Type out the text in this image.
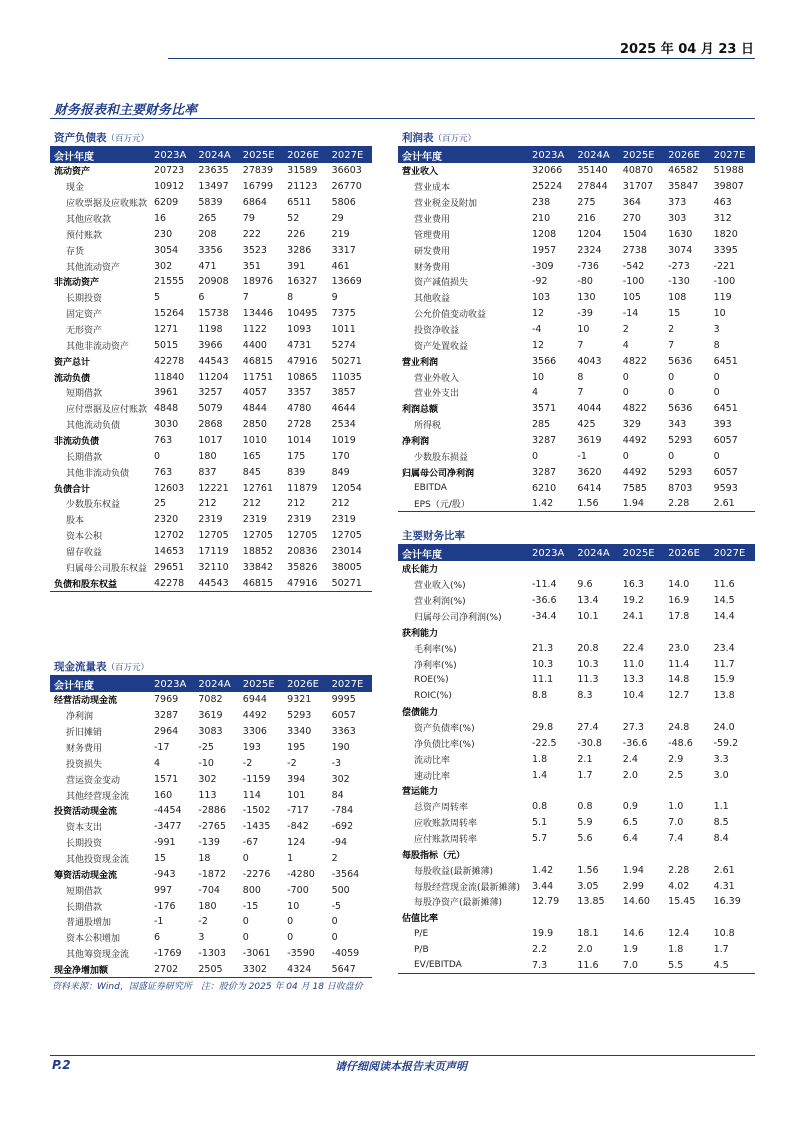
2025 年 04 月 23 日
财务报表和主要财务比率
资产负债表（百万元）
会计年度	2023A	2024A	2025E	2026E	2027E
流动资产	20723	23635	27839	31589	36603
现金	10912	13497	16799	21123	26770
应收票据及应收账款	6209	5839	6864	6511	5806
其他应收款	16	265	79	52	29
预付账款	230	208	222	226	219
存货	3054	3356	3523	3286	3317
其他流动资产	302	471	351	391	461
非流动资产	21555	20908	18976	16327	13669
长期投资	5	6	7	8	9
固定资产	15264	15738	13446	10495	7375
无形资产	1271	1198	1122	1093	1011
其他非流动资产	5015	3966	4400	4731	5274
资产总计	42278	44543	46815	47916	50271
流动负债	11840	11204	11751	10865	11035
短期借款	3961	3257	4057	3357	3857
应付票据及应付账款	4848	5079	4844	4780	4644
其他流动负债	3030	2868	2850	2728	2534
非流动负债	763	1017	1010	1014	1019
长期借款	0	180	165	175	170
其他非流动负债	763	837	845	839	849
负债合计	12603	12221	12761	11879	12054
少数股东权益	25	212	212	212	212
股本	2320	2319	2319	2319	2319
资本公积	12702	12705	12705	12705	12705
留存收益	14653	17119	18852	20836	23014
归属母公司股东权益	29651	32110	33842	35826	38005
负债和股东权益	42278	44543	46815	47916	50271
利润表（百万元）
会计年度	2023A	2024A	2025E	2026E	2027E
营业收入	32066	35140	40870	46582	51988
营业成本	25224	27844	31707	35847	39807
营业税金及附加	238	275	364	373	463
营业费用	210	216	270	303	312
管理费用	1208	1204	1504	1630	1820
研发费用	1957	2324	2738	3074	3395
财务费用	-309	-736	-542	-273	-221
资产减值损失	-92	-80	-100	-130	-100
其他收益	103	130	105	108	119
公允价值变动收益	12	-39	-14	15	10
投资净收益	-4	10	2	2	3
资产处置收益	12	7	4	7	8
营业利润	3566	4043	4822	5636	6451
营业外收入	10	8	0	0	0
营业外支出	4	7	0	0	0
利润总额	3571	4044	4822	5636	6451
所得税	285	425	329	343	393
净利润	3287	3619	4492	5293	6057
少数股东损益	0	-1	0	0	0
归属母公司净利润	3287	3620	4492	5293	6057
EBITDA	6210	6414	7585	8703	9593
EPS（元/股）	1.42	1.56	1.94	2.28	2.61
主要财务比率
会计年度	2023A	2024A	2025E	2026E	2027E
成长能力					
营业收入(%)	-11.4	9.6	16.3	14.0	11.6
营业利润(%)	-36.6	13.4	19.2	16.9	14.5
归属母公司净利润(%)	-34.4	10.1	24.1	17.8	14.4
获利能力					
毛利率(%)	21.3	20.8	22.4	23.0	23.4
净利率(%)	10.3	10.3	11.0	11.4	11.7
ROE(%)	11.1	11.3	13.3	14.8	15.9
ROIC(%)	8.8	8.3	10.4	12.7	13.8
偿债能力					
资产负债率(%)	29.8	27.4	27.3	24.8	24.0
净负债比率(%)	-22.5	-30.8	-36.6	-48.6	-59.2
流动比率	1.8	2.1	2.4	2.9	3.3
速动比率	1.4	1.7	2.0	2.5	3.0
营运能力					
总资产周转率	0.8	0.8	0.9	1.0	1.1
应收账款周转率	5.1	5.9	6.5	7.0	8.5
应付账款周转率	5.7	5.6	6.4	7.4	8.4
每股指标（元）					
每股收益(最新摊薄)	1.42	1.56	1.94	2.28	2.61
每股经营现金流(最新摊薄)	3.44	3.05	2.99	4.02	4.31
每股净资产(最新摊薄)	12.79	13.85	14.60	15.45	16.39
估值比率					
P/E	19.9	18.1	14.6	12.4	10.8
P/B	2.2	2.0	1.9	1.8	1.7
EV/EBITDA	7.3	11.6	7.0	5.5	4.5
现金流量表（百万元）
会计年度	2023A	2024A	2025E	2026E	2027E
经营活动现金流	7969	7082	6944	9321	9995
净利润	3287	3619	4492	5293	6057
折旧摊销	2964	3083	3306	3340	3363
财务费用	-17	-25	193	195	190
投资损失	4	-10	-2	-2	-3
营运资金变动	1571	302	-1159	394	302
其他经营现金流	160	113	114	101	84
投资活动现金流	-4454	-2886	-1502	-717	-784
资本支出	-3477	-2765	-1435	-842	-692
长期投资	-991	-139	-67	124	-94
其他投资现金流	15	18	0	1	2
筹资活动现金流	-943	-1872	-2276	-4280	-3564
短期借款	997	-704	800	-700	500
长期借款	-176	180	-15	10	-5
普通股增加	-1	-2	0	0	0
资本公积增加	6	3	0	0	0
其他筹资现金流	-1769	-1303	-3061	-3590	-4059
现金净增加额	2702	2505	3302	4324	5647
资料来源：Wind，国盛证券研究所　注：股价为 2025 年 04 月 18 日收盘价
P.2	请仔细阅读本报告末页声明
